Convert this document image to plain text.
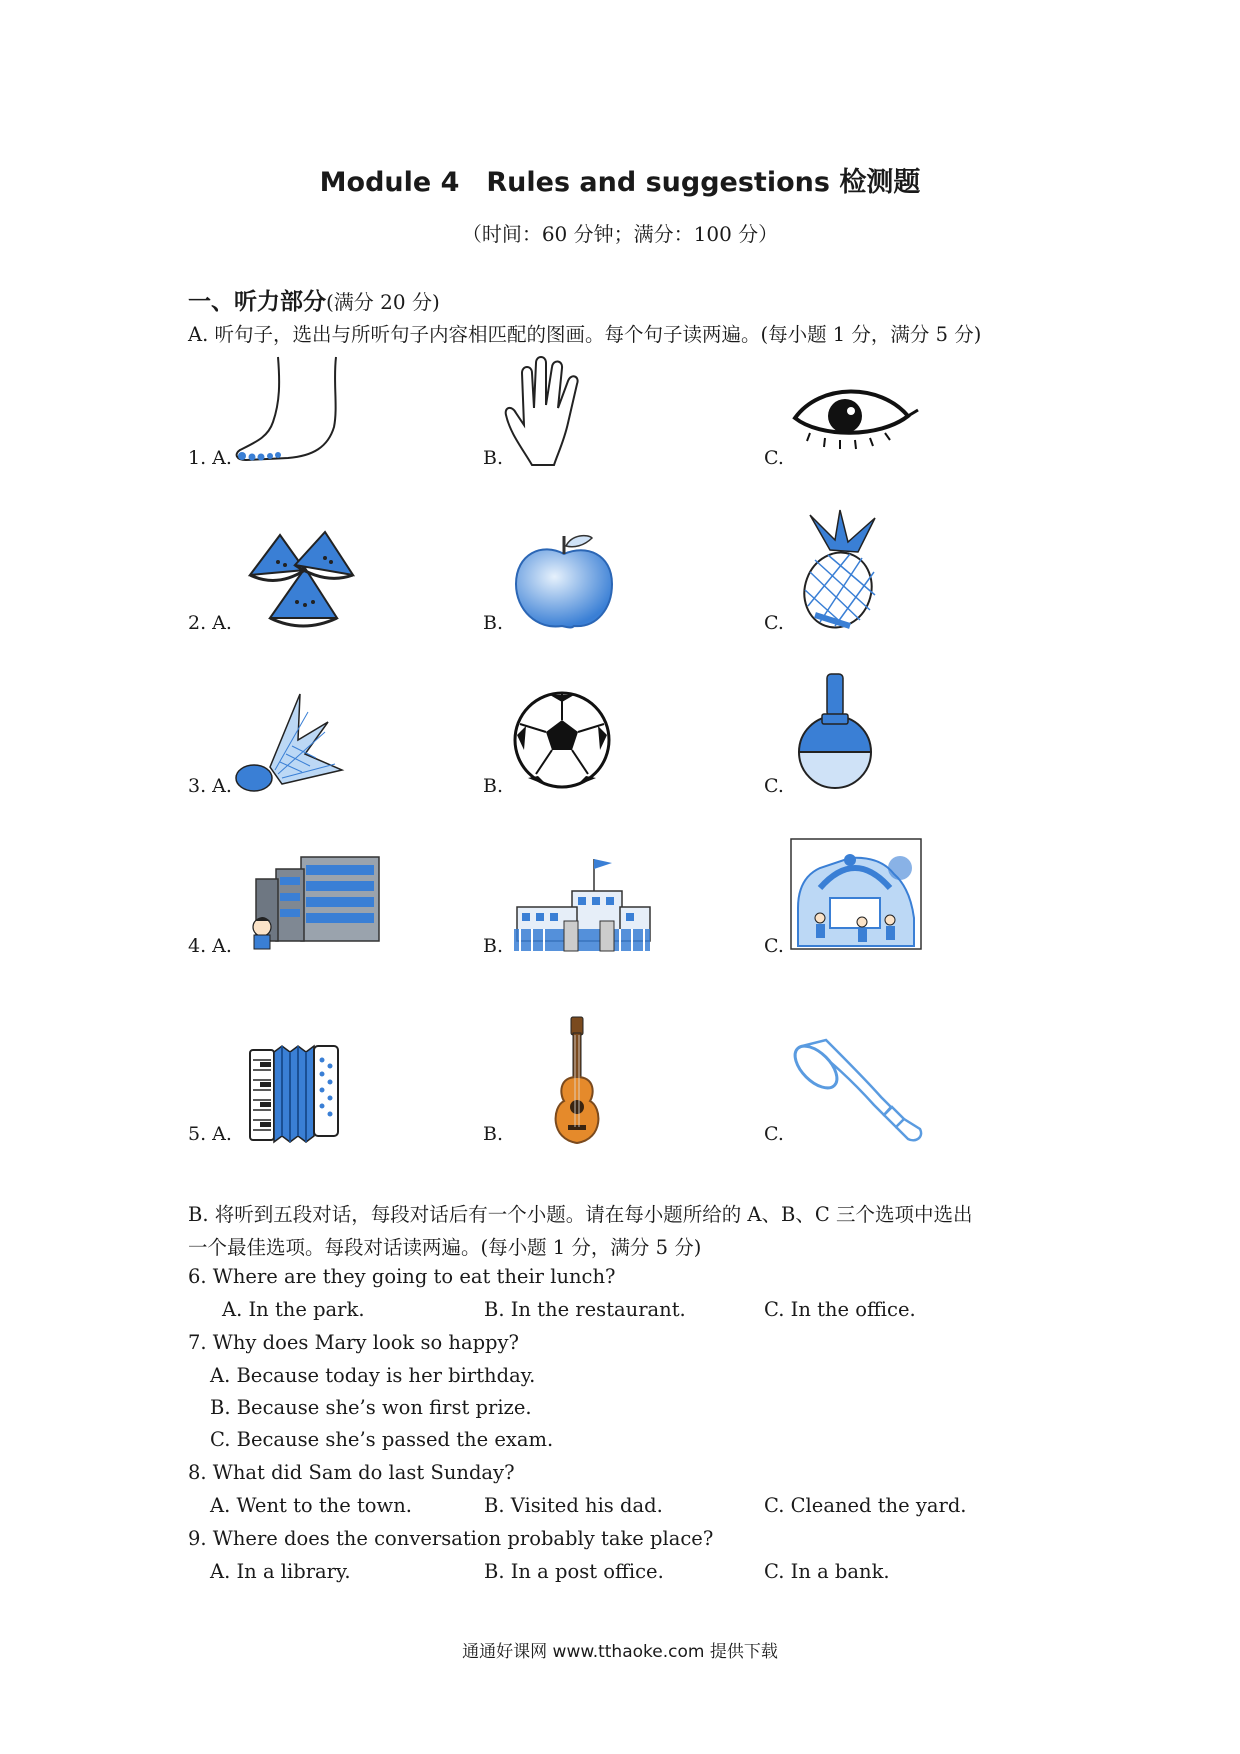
Module 4　Rules and suggestions 检测题
（时间：60 分钟；满分：100 分）
一、听力部分(满分 20 分)
A. 听句子，选出与所听句子内容相匹配的图画。每个句子读两遍。(每小题 1 分，满分 5 分)
1. A.	B.	C.
2. A.	B.	C.
3. A.	B.	C.
4. A.	B.	C.
5. A.	B.	C.
B. 将听到五段对话，每段对话后有一个小题。请在每小题所给的 A、B、C 三个选项中选出
一个最佳选项。每段对话读两遍。(每小题 1 分，满分 5 分)
6. Where are they going to eat their lunch?
A. In the park.	B. In the restaurant.	C. In the office.
7. Why does Mary look so happy?
A. Because today is her birthday.
B. Because she’s won first prize.
C. Because she’s passed the exam.
8. What did Sam do last Sunday?
A. Went to the town.	B. Visited his dad.	C. Cleaned the yard.
9. Where does the conversation probably take place?
A. In a library.	B. In a post office.	C. In a bank.
通通好课网 www.tthaoke.com 提供下载
